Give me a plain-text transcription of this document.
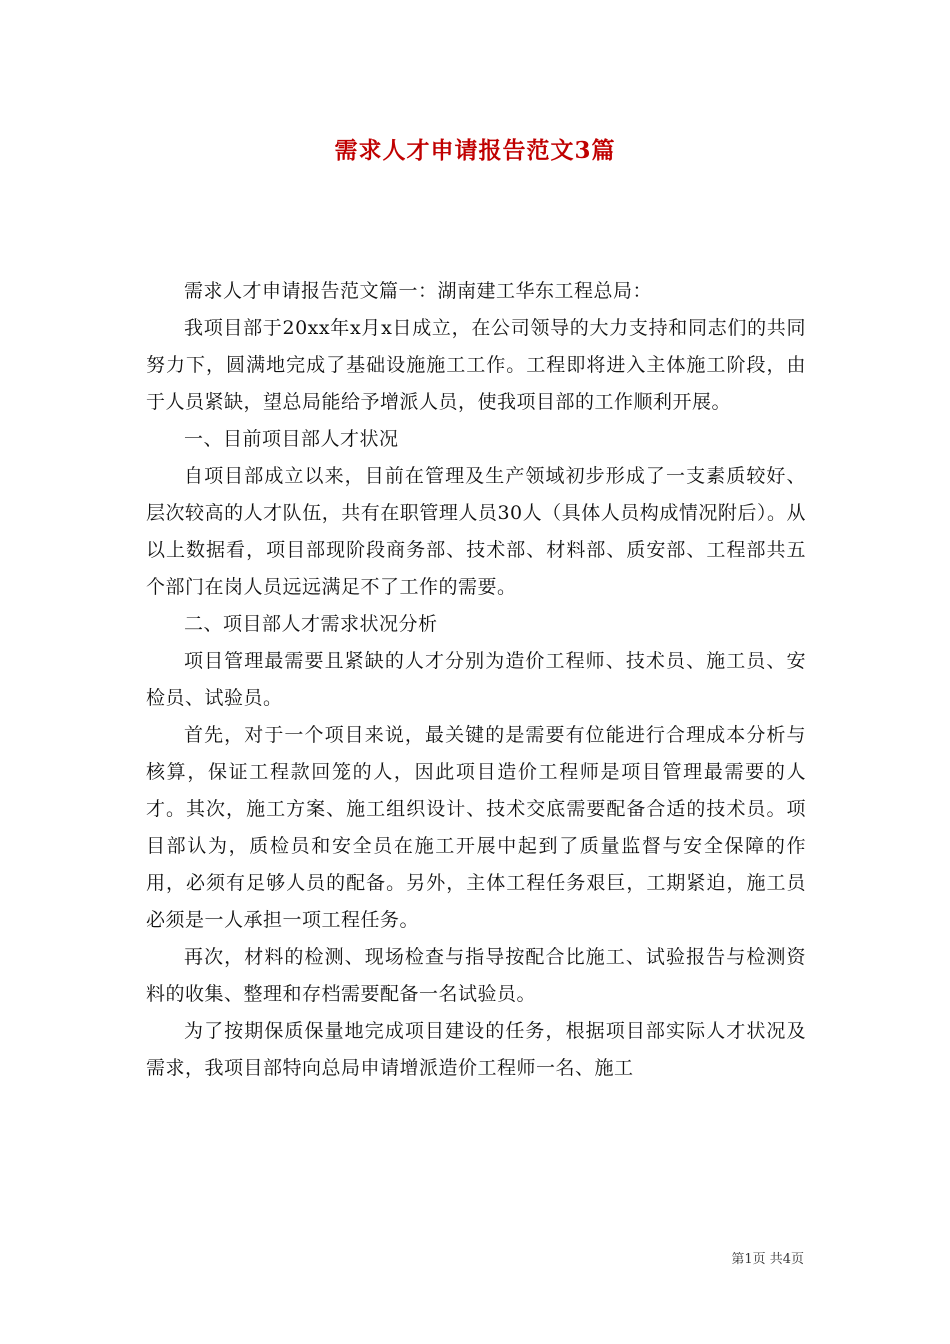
需求人才申请报告范文3篇

需求人才申请报告范文篇一：湖南建工华东工程总局：

我项目部于20xx年x月x日成立，在公司领导的大力支持和同志们的共同努力下，圆满地完成了基础设施施工工作。工程即将进入主体施工阶段，由于人员紧缺，望总局能给予增派人员，使我项目部的工作顺利开展。

一、目前项目部人才状况

自项目部成立以来，目前在管理及生产领域初步形成了一支素质较好、层次较高的人才队伍，共有在职管理人员30人（具体人员构成情况附后）。从以上数据看，项目部现阶段商务部、技术部、材料部、质安部、工程部共五个部门在岗人员远远满足不了工作的需要。

二、项目部人才需求状况分析

项目管理最需要且紧缺的人才分别为造价工程师、技术员、施工员、安检员、试验员。

首先，对于一个项目来说，最关键的是需要有位能进行合理成本分析与核算，保证工程款回笼的人，因此项目造价工程师是项目管理最需要的人才。其次，施工方案、施工组织设计、技术交底需要配备合适的技术员。项目部认为，质检员和安全员在施工开展中起到了质量监督与安全保障的作用，必须有足够人员的配备。另外，主体工程任务艰巨，工期紧迫，施工员必须是一人承担一项工程任务。

再次，材料的检测、现场检查与指导按配合比施工、试验报告与检测资料的收集、整理和存档需要配备一名试验员。

为了按期保质保量地完成项目建设的任务，根据项目部实际人才状况及需求，我项目部特向总局申请增派造价工程师一名、施工

第1页 共4页
